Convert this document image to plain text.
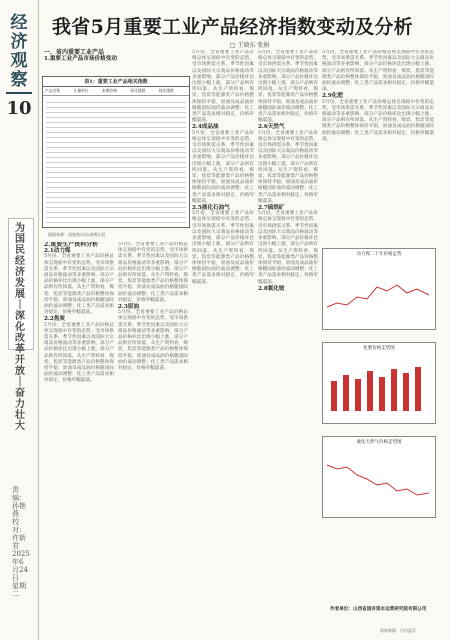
经济观察
10
为国民经济发展｜深化改革开放｜奋力壮大
责编：孙艳燕 校对：许新君 2025年6月24日 星期二
我省5月重要工业产品经济指数变动及分析
□ 王晓东 张娟
一、省内重要工业产品
1.重要工业产品市场价格变动
表1：重要工业产品相关指数
产品名称	计量单位	本期价格	环比涨跌	同比涨跌
数据来源：国家统计局/省统计局
2.重要生产资料分析
2.1动力煤
5月份，全省重要工业产品价格总体呈现稳中有变的态势。受市场供需关系、季节性因素以及国际大宗商品价格波动等多重影响，部分产品价格环比出现小幅上涨，部分产品则有所回落。从生产资料看，煤炭、焦炭等能源类产品价格整体保持平稳，原油及成品油价格随国际油价波动调整；化工类产品需求相对稳定，价格窄幅震荡。
2.2焦炭
5月份，全省重要工业产品价格总体呈现稳中有变的态势。受市场供需关系、季节性因素以及国际大宗商品价格波动等多重影响，部分产品价格环比出现小幅上涨，部分产品则有所回落。从生产资料看，煤炭、焦炭等能源类产品价格整体保持平稳，原油及成品油价格随国际油价波动调整；化工类产品需求相对稳定，价格窄幅震荡。
5月份，全省重要工业产品价格总体呈现稳中有变的态势。受市场供需关系、季节性因素以及国际大宗商品价格波动等多重影响，部分产品价格环比出现小幅上涨，部分产品则有所回落。从生产资料看，煤炭、焦炭等能源类产品价格整体保持平稳，原油及成品油价格随国际油价波动调整；化工类产品需求相对稳定，价格窄幅震荡。
2.3原油
5月份，全省重要工业产品价格总体呈现稳中有变的态势。受市场供需关系、季节性因素以及国际大宗商品价格波动等多重影响，部分产品价格环比出现小幅上涨，部分产品则有所回落。从生产资料看，煤炭、焦炭等能源类产品价格整体保持平稳，原油及成品油价格随国际油价波动调整；化工类产品需求相对稳定，价格窄幅震荡。
5月份，全省重要工业产品价格总体呈现稳中有变的态势。受市场供需关系、季节性因素以及国际大宗商品价格波动等多重影响，部分产品价格环比出现小幅上涨，部分产品则有所回落。从生产资料看，煤炭、焦炭等能源类产品价格整体保持平稳，原油及成品油价格随国际油价波动调整；化工类产品需求相对稳定，价格窄幅震荡。
2.4成品油
5月份，全省重要工业产品价格总体呈现稳中有变的态势。受市场供需关系、季节性因素以及国际大宗商品价格波动等多重影响，部分产品价格环比出现小幅上涨，部分产品则有所回落。从生产资料看，煤炭、焦炭等能源类产品价格整体保持平稳，原油及成品油价格随国际油价波动调整；化工类产品需求相对稳定，价格窄幅震荡。
2.5液化石油气
5月份，全省重要工业产品价格总体呈现稳中有变的态势。受市场供需关系、季节性因素以及国际大宗商品价格波动等多重影响，部分产品价格环比出现小幅上涨，部分产品则有所回落。从生产资料看，煤炭、焦炭等能源类产品价格整体保持平稳，原油及成品油价格随国际油价波动调整；化工类产品需求相对稳定，价格窄幅震荡。
5月份，全省重要工业产品价格总体呈现稳中有变的态势。受市场供需关系、季节性因素以及国际大宗商品价格波动等多重影响，部分产品价格环比出现小幅上涨，部分产品则有所回落。从生产资料看，煤炭、焦炭等能源类产品价格整体保持平稳，原油及成品油价格随国际油价波动调整；化工类产品需求相对稳定，价格窄幅震荡。
2.6天然气
5月份，全省重要工业产品价格总体呈现稳中有变的态势。受市场供需关系、季节性因素以及国际大宗商品价格波动等多重影响，部分产品价格环比出现小幅上涨，部分产品则有所回落。从生产资料看，煤炭、焦炭等能源类产品价格整体保持平稳，原油及成品油价格随国际油价波动调整；化工类产品需求相对稳定，价格窄幅震荡。
2.7硫铁矿
5月份，全省重要工业产品价格总体呈现稳中有变的态势。受市场供需关系、季节性因素以及国际大宗商品价格波动等多重影响，部分产品价格环比出现小幅上涨，部分产品则有所回落。从生产资料看，煤炭、焦炭等能源类产品价格整体保持平稳，原油及成品油价格随国际油价波动调整；化工类产品需求相对稳定，价格窄幅震荡。
2.8氯化铵
5月份，全省重要工业产品价格总体呈现稳中有变的态势。受市场供需关系、季节性因素以及国际大宗商品价格波动等多重影响，部分产品价格环比出现小幅上涨，部分产品则有所回落。从生产资料看，煤炭、焦炭等能源类产品价格整体保持平稳，原油及成品油价格随国际油价波动调整；化工类产品需求相对稳定，价格窄幅震荡。
2.9化肥
5月份，全省重要工业产品价格总体呈现稳中有变的态势。受市场供需关系、季节性因素以及国际大宗商品价格波动等多重影响，部分产品价格环比出现小幅上涨，部分产品则有所回落。从生产资料看，煤炭、焦炭等能源类产品价格整体保持平稳，原油及成品油价格随国际油价波动调整；化工类产品需求相对稳定，价格窄幅震荡。
动力煤二十年价格走势
化肥价格走势图
液化天然气价格走势图
作者单位：山西省国有资本运营研究院有限公司
资料来源：百川盈孚
